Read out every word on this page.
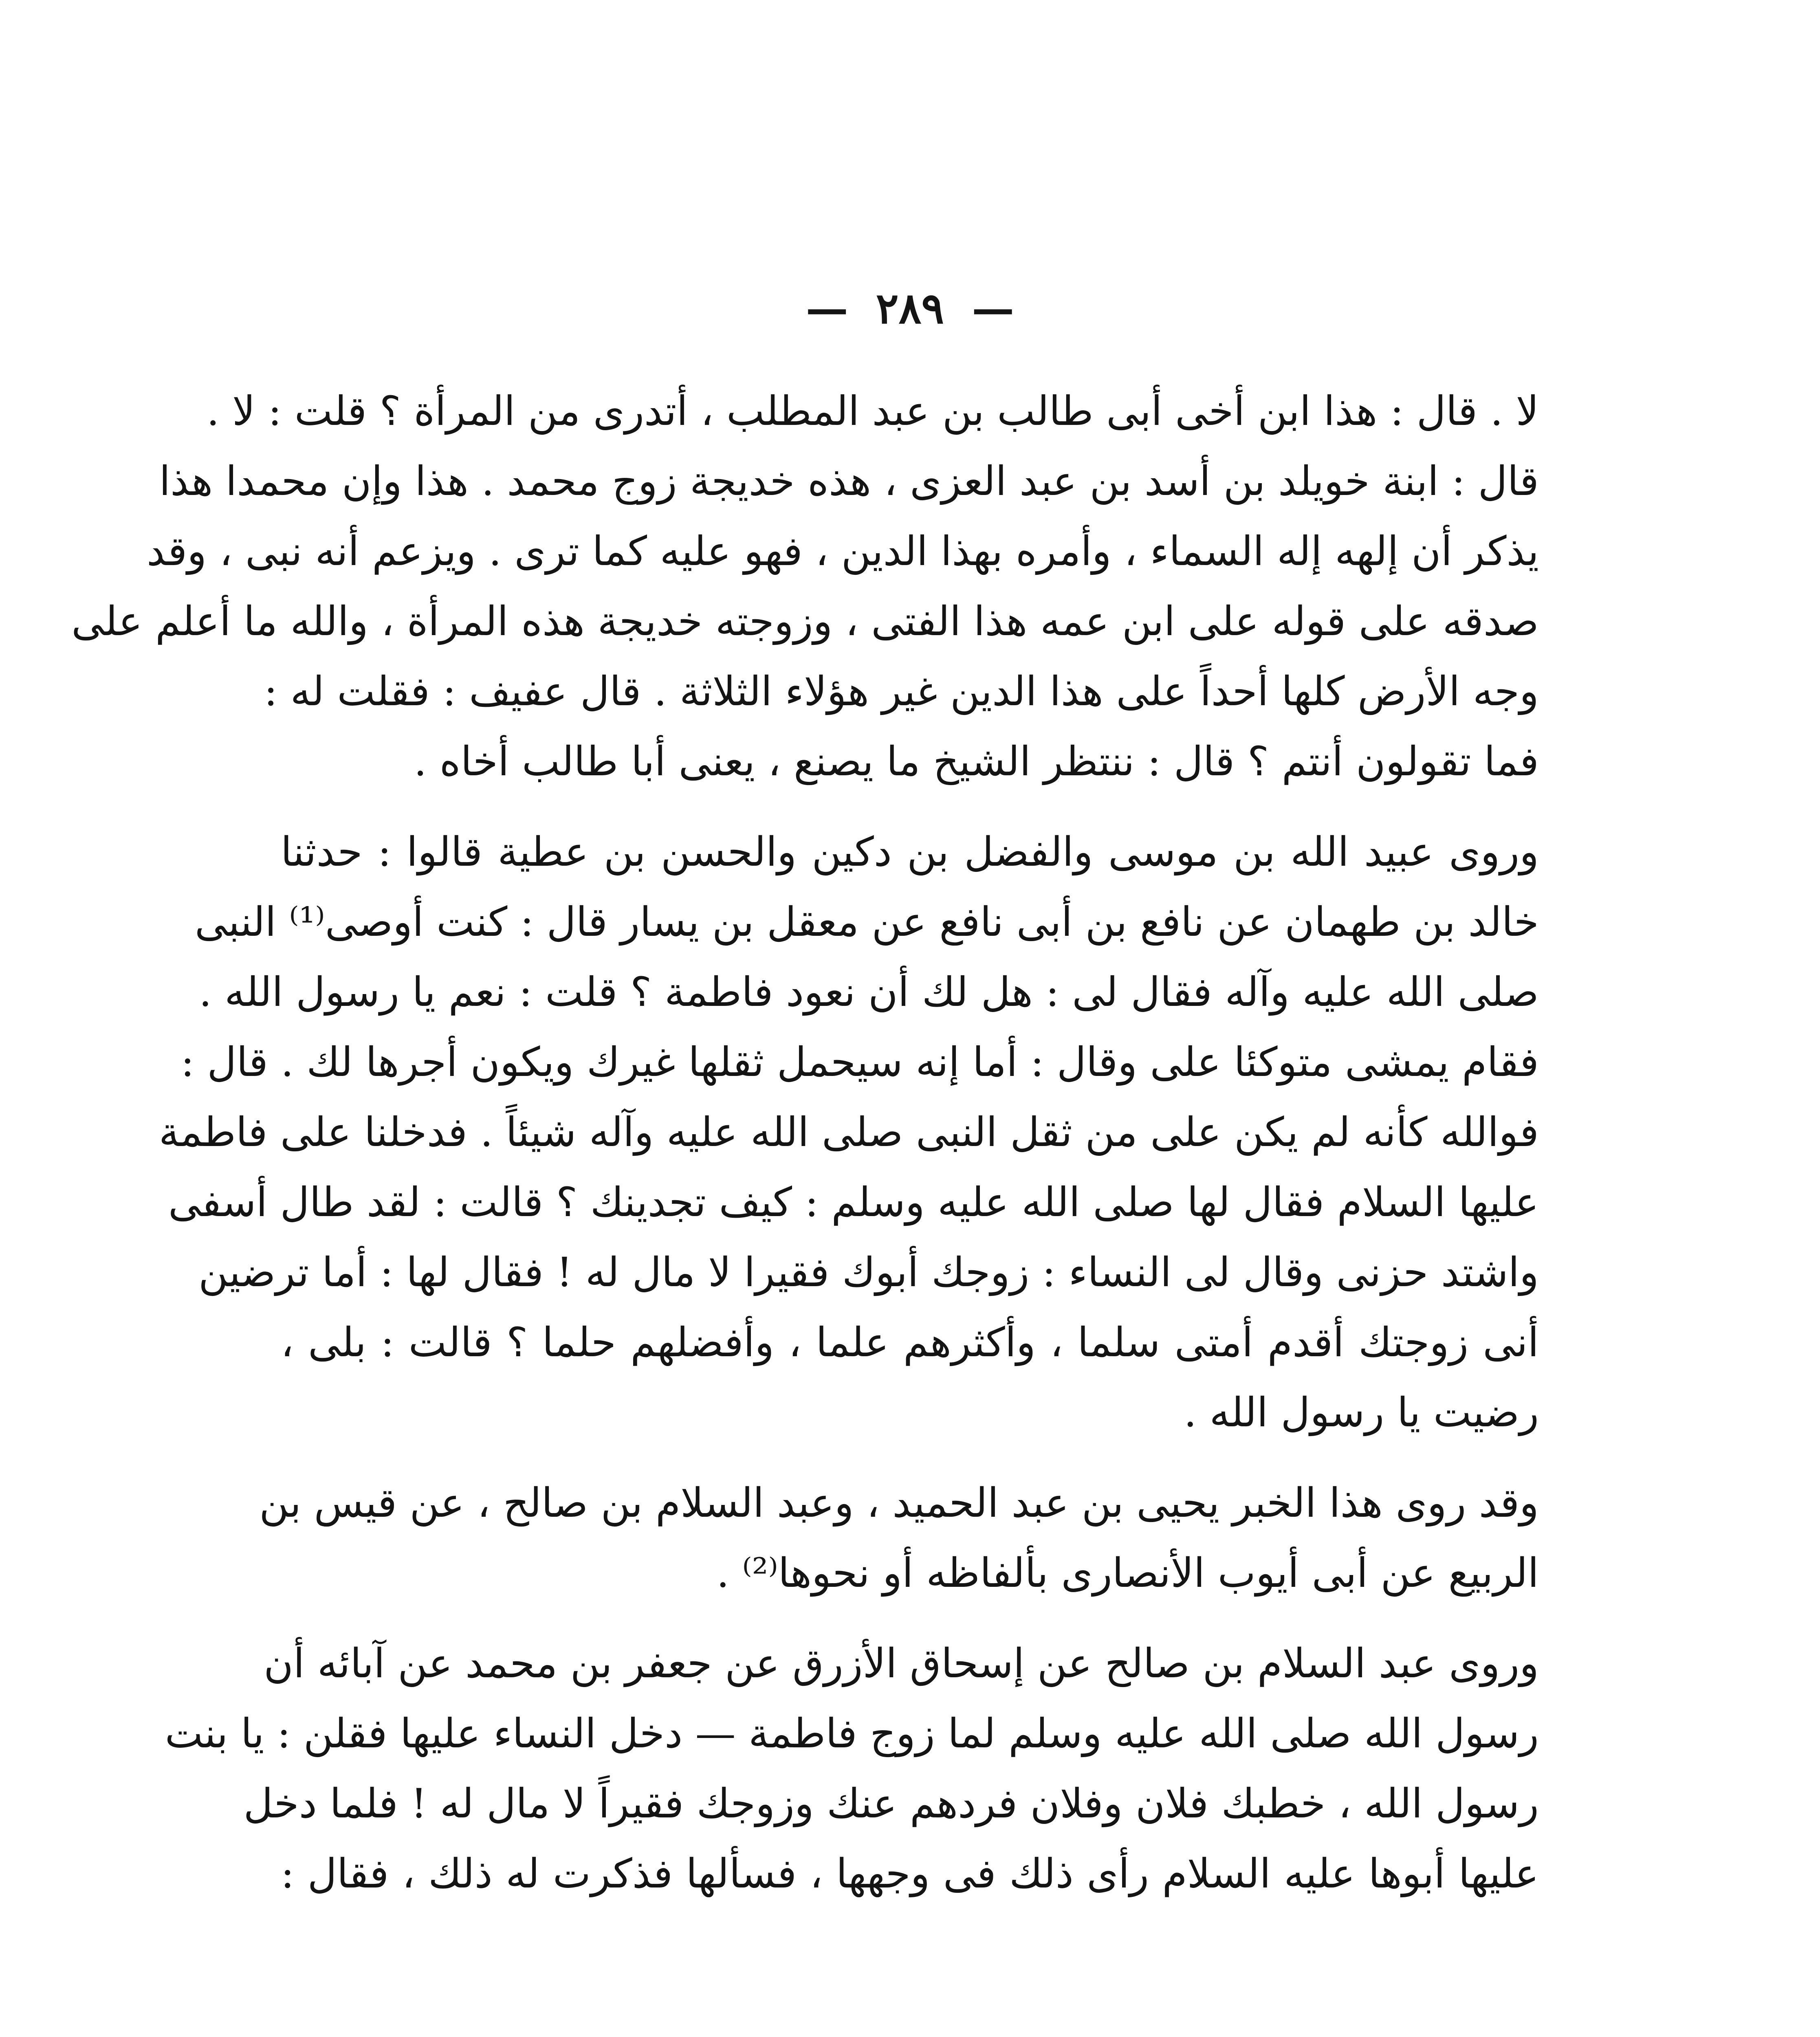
— ٢٨٩ —
لا . قال : هذا ابن أخى أبى طالب بن عبد المطلب ، أتدرى من المرأة ؟ قلت : لا .
قال : ابنة خويلد بن أسد بن عبد العزى ، هذه خديجة زوج محمد . هذا وإن محمدا هذا
يذكر أن إلهه إله السماء ، وأمره بهذا الدين ، فهو عليه كما ترى . ويزعم أنه نبى ، وقد
صدقه على قوله على ابن عمه هذا الفتى ، وزوجته خديجة هذه المرأة ، والله ما أعلم على
وجه الأرض كلها أحداً على هذا الدين غير هؤلاء الثلاثة . قال عفيف : فقلت له :
فما تقولون أنتم ؟ قال : ننتظر الشيخ ما يصنع ، يعنى أبا طالب أخاه .
وروى عبيد الله بن موسى والفضل بن دكين والحسن بن عطية قالوا : حدثنا
خالد بن طهمان عن نافع بن أبى نافع عن معقل بن يسار قال : كنت أوصى⁽¹⁾ النبى
صلى الله عليه وآله فقال لى : هل لك أن نعود فاطمة ؟ قلت : نعم يا رسول الله .
فقام يمشى متوكئا على وقال : أما إنه سيحمل ثقلها غيرك ويكون أجرها لك . قال :
فوالله كأنه لم يكن على من ثقل النبى صلى الله عليه وآله شيئاً . فدخلنا على فاطمة
عليها السلام فقال لها صلى الله عليه وسلم : كيف تجدينك ؟ قالت : لقد طال أسفى
واشتد حزنى وقال لى النساء : زوجك أبوك فقيرا لا مال له ! فقال لها : أما ترضين
أنى زوجتك أقدم أمتى سلما ، وأكثرهم علما ، وأفضلهم حلما ؟ قالت : بلى ،
رضيت يا رسول الله .
وقد روى هذا الخبر يحيى بن عبد الحميد ، وعبد السلام بن صالح ، عن قيس بن
الربيع عن أبى أيوب الأنصارى بألفاظه أو نحوها⁽²⁾ .
وروى عبد السلام بن صالح عن إسحاق الأزرق عن جعفر بن محمد عن آبائه أن
رسول الله صلى الله عليه وسلم لما زوج فاطمة — دخل النساء عليها فقلن : يا بنت
رسول الله ، خطبك فلان وفلان فردهم عنك وزوجك فقيراً لا مال له ! فلما دخل
عليها أبوها عليه السلام رأى ذلك فى وجهها ، فسألها فذكرت له ذلك ، فقال :
